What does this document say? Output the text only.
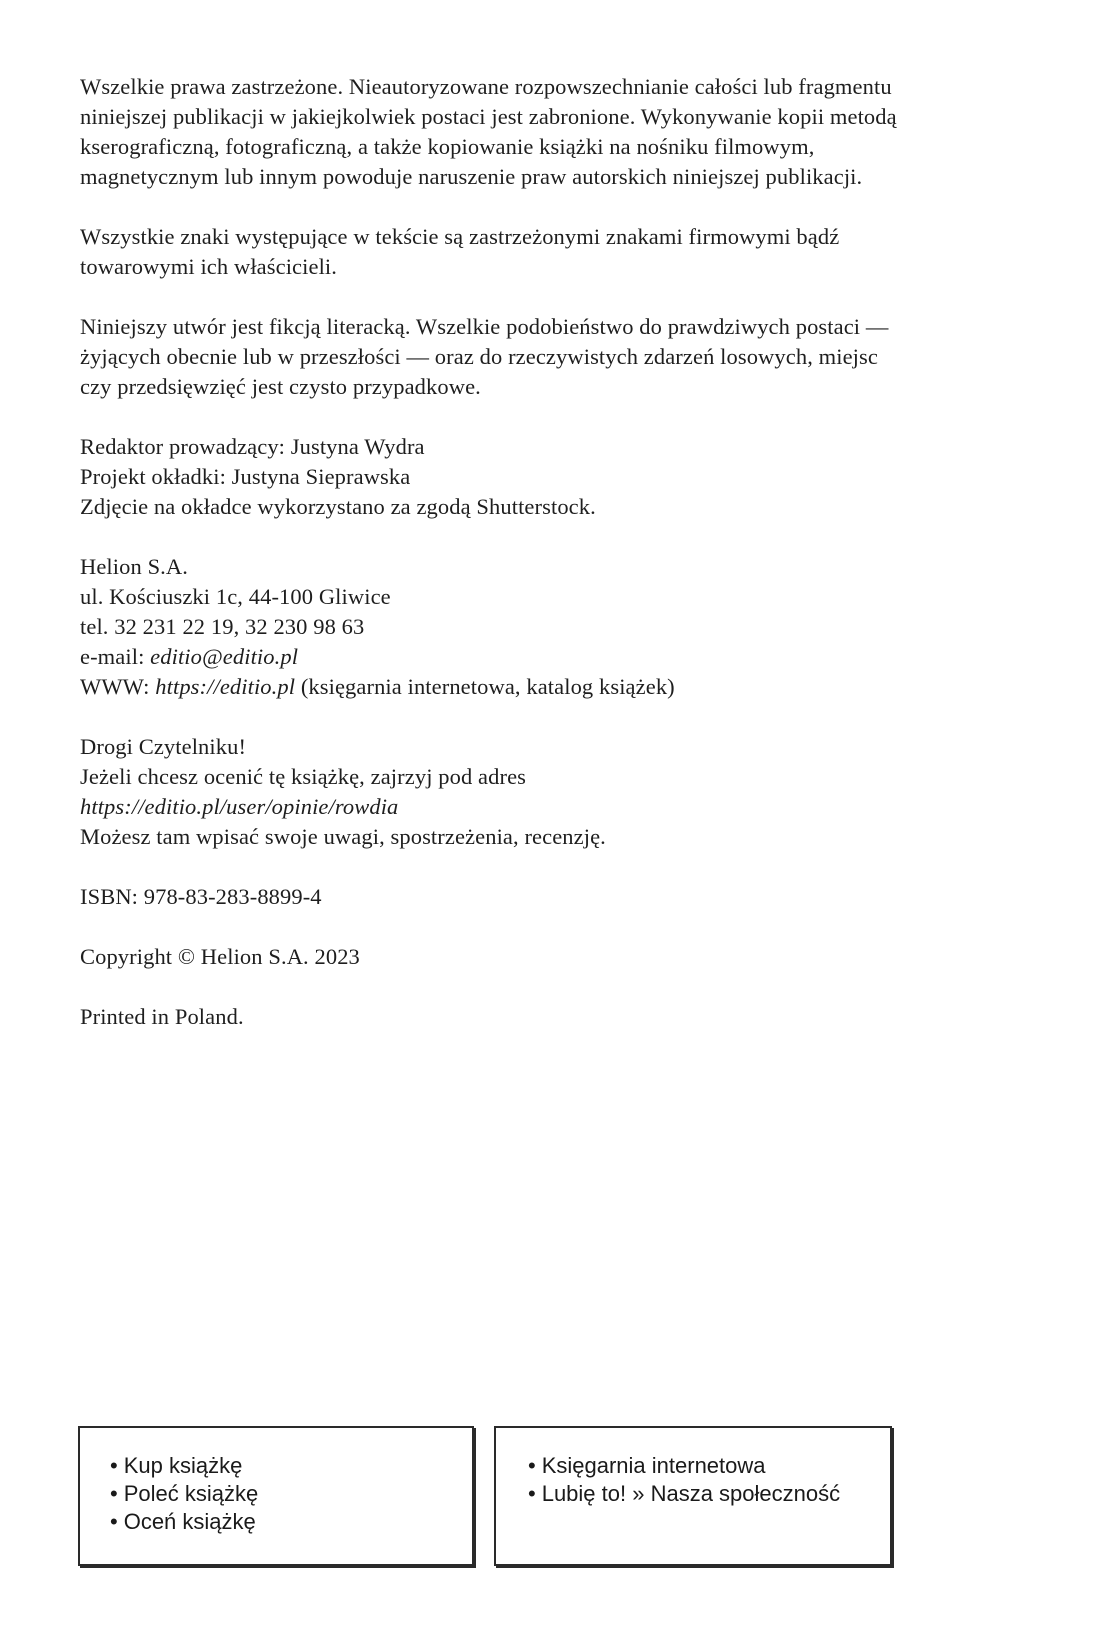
Wszelkie prawa zastrzeżone. Nieautoryzowane rozpowszechnianie całości lub fragmentu
niniejszej publikacji w jakiejkolwiek postaci jest zabronione. Wykonywanie kopii metodą
kserograficzną, fotograficzną, a także kopiowanie książki na nośniku filmowym,
magnetycznym lub innym powoduje naruszenie praw autorskich niniejszej publikacji.

Wszystkie znaki występujące w tekście są zastrzeżonymi znakami firmowymi bądź
towarowymi ich właścicieli.

Niniejszy utwór jest fikcją literacką. Wszelkie podobieństwo do prawdziwych postaci —
żyjących obecnie lub w przeszłości — oraz do rzeczywistych zdarzeń losowych, miejsc
czy przedsięwzięć jest czysto przypadkowe.

Redaktor prowadzący: Justyna Wydra
Projekt okładki: Justyna Sieprawska
Zdjęcie na okładce wykorzystano za zgodą Shutterstock.

Helion S.A.
ul. Kościuszki 1c, 44-100 Gliwice
tel. 32 231 22 19, 32 230 98 63
e-mail: editio@editio.pl
WWW: https://editio.pl (księgarnia internetowa, katalog książek)

Drogi Czytelniku!
Jeżeli chcesz ocenić tę książkę, zajrzyj pod adres
https://editio.pl/user/opinie/rowdia
Możesz tam wpisać swoje uwagi, spostrzeżenia, recenzję.

ISBN: 978-83-283-8899-4

Copyright © Helion S.A. 2023

Printed in Poland.

• Kup książkę
• Poleć książkę
• Oceń książkę
• Księgarnia internetowa
• Lubię to! » Nasza społeczność
